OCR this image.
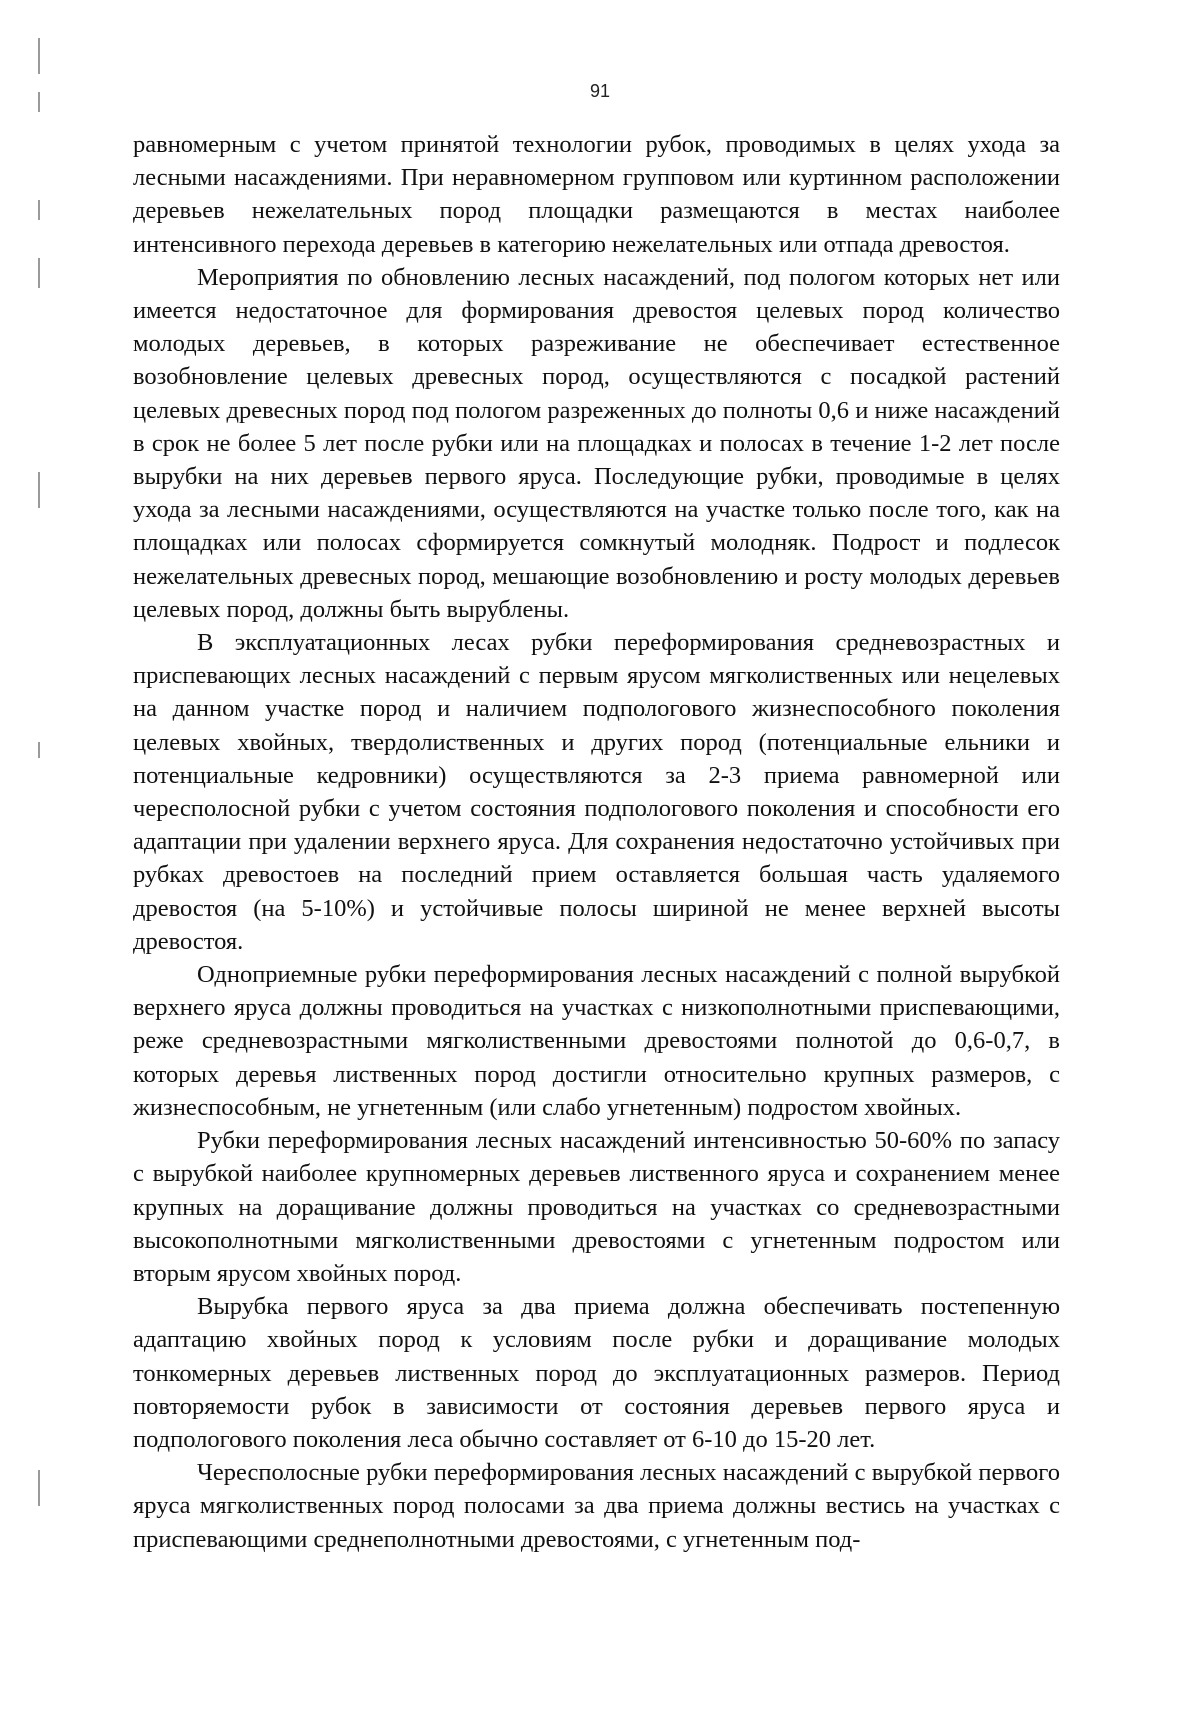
91

равномерным с учетом принятой технологии рубок, проводимых в целях ухода за лесными насаждениями. При неравномерном групповом или куртинном расположении деревьев нежелательных пород площадки размещаются в местах наиболее интенсивного перехода деревьев в категорию нежелательных или отпада древостоя.

Мероприятия по обновлению лесных насаждений, под пологом которых нет или имеется недостаточное для формирования древостоя целевых пород количество молодых деревьев, в которых разреживание не обеспечивает естественное возобновление целевых древесных пород, осуществляются с посадкой растений целевых древесных пород под пологом разреженных до полноты 0,6 и ниже насаждений в срок не более 5 лет после рубки или на площадках и полосах в течение 1-2 лет после вырубки на них деревьев первого яруса. Последующие рубки, проводимые в целях ухода за лесными насаждениями, осуществляются на участке только после того, как на площадках или полосах сформируется сомкнутый молодняк. Подрост и подлесок нежелательных древесных пород, мешающие возобновлению и росту молодых деревьев целевых пород, должны быть вырублены.

В эксплуатационных лесах рубки переформирования средневозрастных и приспевающих лесных насаждений с первым ярусом мягколиственных или нецелевых на данном участке пород и наличием подпологового жизнеспособного поколения целевых хвойных, твердолиственных и других пород (потенциальные ельники и потенциальные кедровники) осуществляются за 2-3 приема равномерной или чересполосной рубки с учетом состояния подпологового поколения и способности его адаптации при удалении верхнего яруса. Для сохранения недостаточно устойчивых при рубках древостоев на последний прием оставляется большая часть удаляемого древостоя (на 5-10%) и устойчивые полосы шириной не менее верхней высоты древостоя.

Одноприемные рубки переформирования лесных насаждений с полной вырубкой верхнего яруса должны проводиться на участках с низкополнотными приспевающими, реже средневозрастными мягколиственными древостоями полнотой до 0,6-0,7, в которых деревья лиственных пород достигли относительно крупных размеров, с жизнеспособным, не угнетенным (или слабо угнетенным) подростом хвойных.

Рубки переформирования лесных насаждений интенсивностью 50-60% по запасу с вырубкой наиболее крупномерных деревьев лиственного яруса и сохранением менее крупных на доращивание должны проводиться на участках со средневозрастными высокополнотными мягколиственными древостоями с угнетенным подростом или вторым ярусом хвойных пород.

Вырубка первого яруса за два приема должна обеспечивать постепенную адаптацию хвойных пород к условиям после рубки и доращивание молодых тонкомерных деревьев лиственных пород до эксплуатационных размеров. Период повторяемости рубок в зависимости от состояния деревьев первого яруса и подпологового поколения леса обычно составляет от 6-10 до 15-20 лет.

Чересполосные рубки переформирования лесных насаждений с вырубкой первого яруса мягколиственных пород полосами за два приема должны вестись на участках с приспевающими среднеполнотными древостоями, с угнетенным под-
